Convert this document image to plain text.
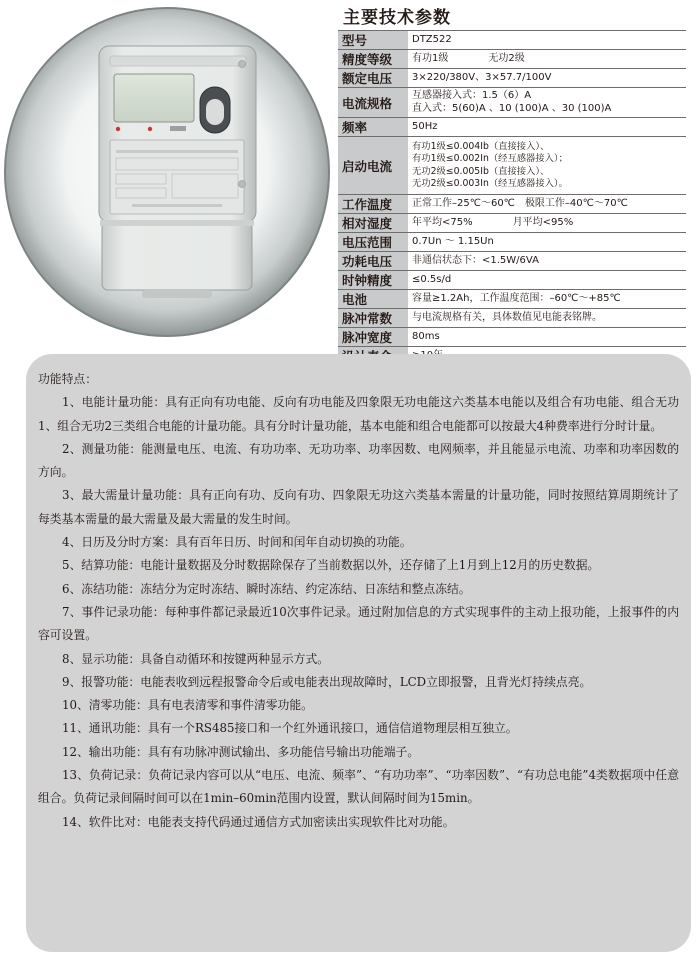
主要技术参数
型号	DTZ522
精度等级	有功1级　　　　无功2级
额定电压	3×220/380V、3×57.7/100V
电流规格	互感器接入式：1.5（6）A
直入式：5(60)A 、10 (100)A 、30 (100)A

频率	50Hz
启动电流	有功1级≤0.004Ib（直接接入）、
有功1级≤0.002In（经互感器接入）；
无功2级≤0.005Ib（直接接入）、
无功2级≤0.003In（经互感器接入）。

工作温度	正常工作–25℃～60℃　极限工作–40℃～70℃
相对湿度	年平均<75%　　　　月平均<95%
电压范围	0.7Un ～ 1.15Un
功耗电压	非通信状态下：<1.5W/6VA
时钟精度	≤0.5s/d
电池	容量≥1.2Ah，工作温度范围：–60℃～+85℃
脉冲常数	与电流规格有关，具体数值见电能表铭牌。
脉冲宽度	80ms

功能特点：

1、电能计量功能：具有正向有功电能、反向有功电能及四象限无功电能这六类基本电能以及组合有功电能、组合无功1、组合无功2三类组合电能的计量功能。具有分时计量功能，基本电能和组合电能都可以按最大4种费率进行分时计量。

2、测量功能：能测量电压、电流、有功功率、无功功率、功率因数、电网频率，并且能显示电流、功率和功率因数的方向。

3、最大需量计量功能：具有正向有功、反向有功、四象限无功这六类基本需量的计量功能，同时按照结算周期统计了每类基本需量的最大需量及最大需量的发生时间。

4、日历及分时方案：具有百年日历、时间和闰年自动切换的功能。

5、结算功能：电能计量数据及分时数据除保存了当前数据以外，还存储了上1月到上12月的历史数据。

6、冻结功能：冻结分为定时冻结、瞬时冻结、约定冻结、日冻结和整点冻结。

7、事件记录功能：每种事件都记录最近10次事件记录。通过附加信息的方式实现事件的主动上报功能，上报事件的内容可设置。

8、显示功能：具备自动循环和按键两种显示方式。

9、报警功能：电能表收到远程报警命令后或电能表出现故障时，LCD立即报警，且背光灯持续点亮。

10、清零功能：具有电表清零和事件清零功能。

11、通讯功能：具有一个RS485接口和一个红外通讯接口，通信信道物理层相互独立。

12、输出功能：具有有功脉冲测试输出、多功能信号输出功能端子。

13、负荷记录：负荷记录内容可以从“电压、电流、频率”、“有功功率”、“功率因数”、“有功总电能”4类数据项中任意组合。负荷记录间隔时间可以在1min–60min范围内设置，默认间隔时间为15min。

14、软件比对：电能表支持代码通过通信方式加密读出实现软件比对功能。
